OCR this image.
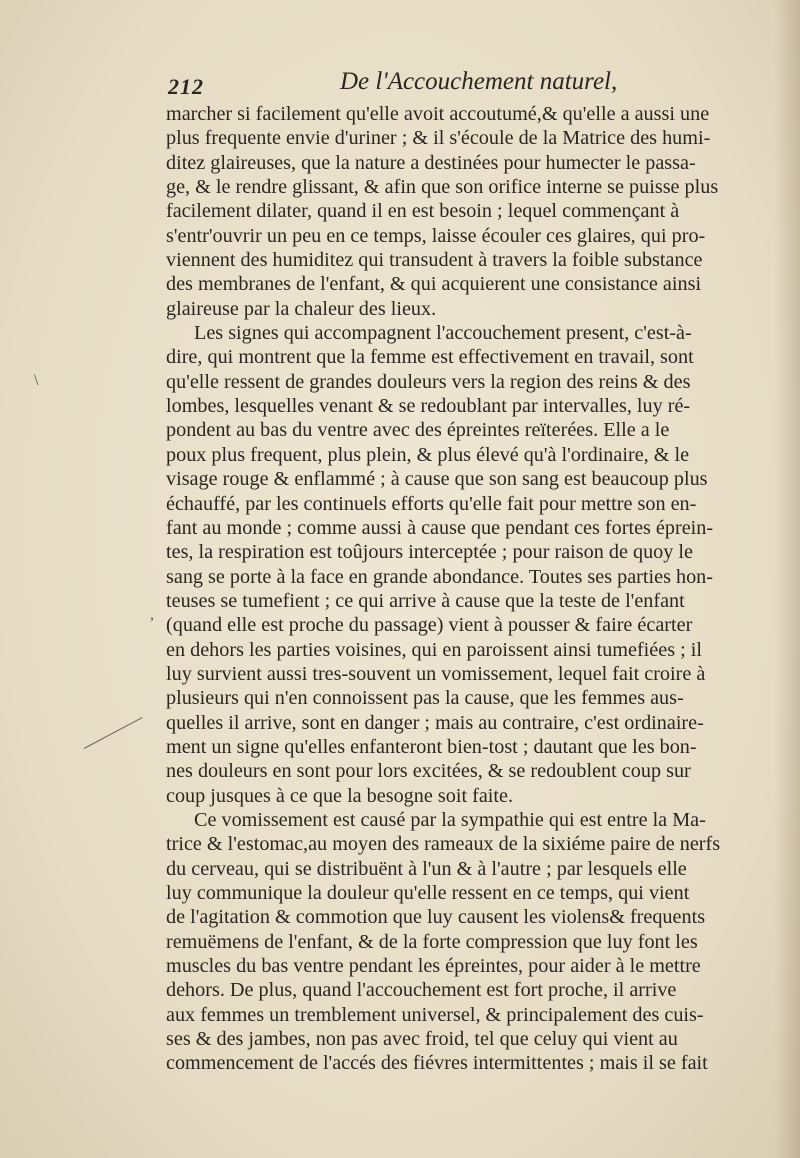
212	De l'Accouchement naturel,
marcher si facilement qu'elle avoit accoutumé,& qu'elle a aussi une
plus frequente envie d'uriner ; & il s'écoule de la Matrice des humi-
ditez glaireuses, que la nature a destinées pour humecter le passa-
ge, & le rendre glissant, & afin que son orifice interne se puisse plus
facilement dilater, quand il en est besoin ; lequel commençant à
s'entr'ouvrir un peu en ce temps, laisse écouler ces glaires, qui pro-
viennent des humiditez qui transudent à travers la foible substance
des membranes de l'enfant, & qui acquierent une consistance ainsi
glaireuse par la chaleur des lieux.
Les signes qui accompagnent l'accouchement present, c'est-à-
dire, qui montrent que la femme est effectivement en travail, sont
qu'elle ressent de grandes douleurs vers la region des reins & des
lombes, lesquelles venant & se redoublant par intervalles, luy ré-
pondent au bas du ventre avec des épreintes reïterées. Elle a le
poux plus frequent, plus plein, & plus élevé qu'à l'ordinaire, & le
visage rouge & enflammé ; à cause que son sang est beaucoup plus
échauffé, par les continuels efforts qu'elle fait pour mettre son en-
fant au monde ; comme aussi à cause que pendant ces fortes éprein-
tes, la respiration est toûjours interceptée ; pour raison de quoy le
sang se porte à la face en grande abondance. Toutes ses parties hon-
teuses se tumefient ; ce qui arrive à cause que la teste de l'enfant
(quand elle est proche du passage) vient à pousser & faire écarter
en dehors les parties voisines, qui en paroissent ainsi tumefiées ; il
luy survient aussi tres-souvent un vomissement, lequel fait croire à
plusieurs qui n'en connoissent pas la cause, que les femmes aus-
quelles il arrive, sont en danger ; mais au contraire, c'est ordinaire-
ment un signe qu'elles enfanteront bien-tost ; dautant que les bon-
nes douleurs en sont pour lors excitées, & se redoublent coup sur
coup jusques à ce que la besogne soit faite.
Ce vomissement est causé par la sympathie qui est entre la Ma-
trice & l'estomac,au moyen des rameaux de la sixiéme paire de nerfs
du cerveau, qui se distribuënt à l'un & à l'autre ; par lesquels elle
luy communique la douleur qu'elle ressent en ce temps, qui vient
de l'agitation & commotion que luy causent les violens& frequents
remuëmens de l'enfant, & de la forte compression que luy font les
muscles du bas ventre pendant les épreintes, pour aider à le mettre
dehors. De plus, quand l'accouchement est fort proche, il arrive
aux femmes un tremblement universel, & principalement des cuis-
ses & des jambes, non pas avec froid, tel que celuy qui vient au
commencement de l'accés des fiévres intermittentes ; mais il se fait
\
,
